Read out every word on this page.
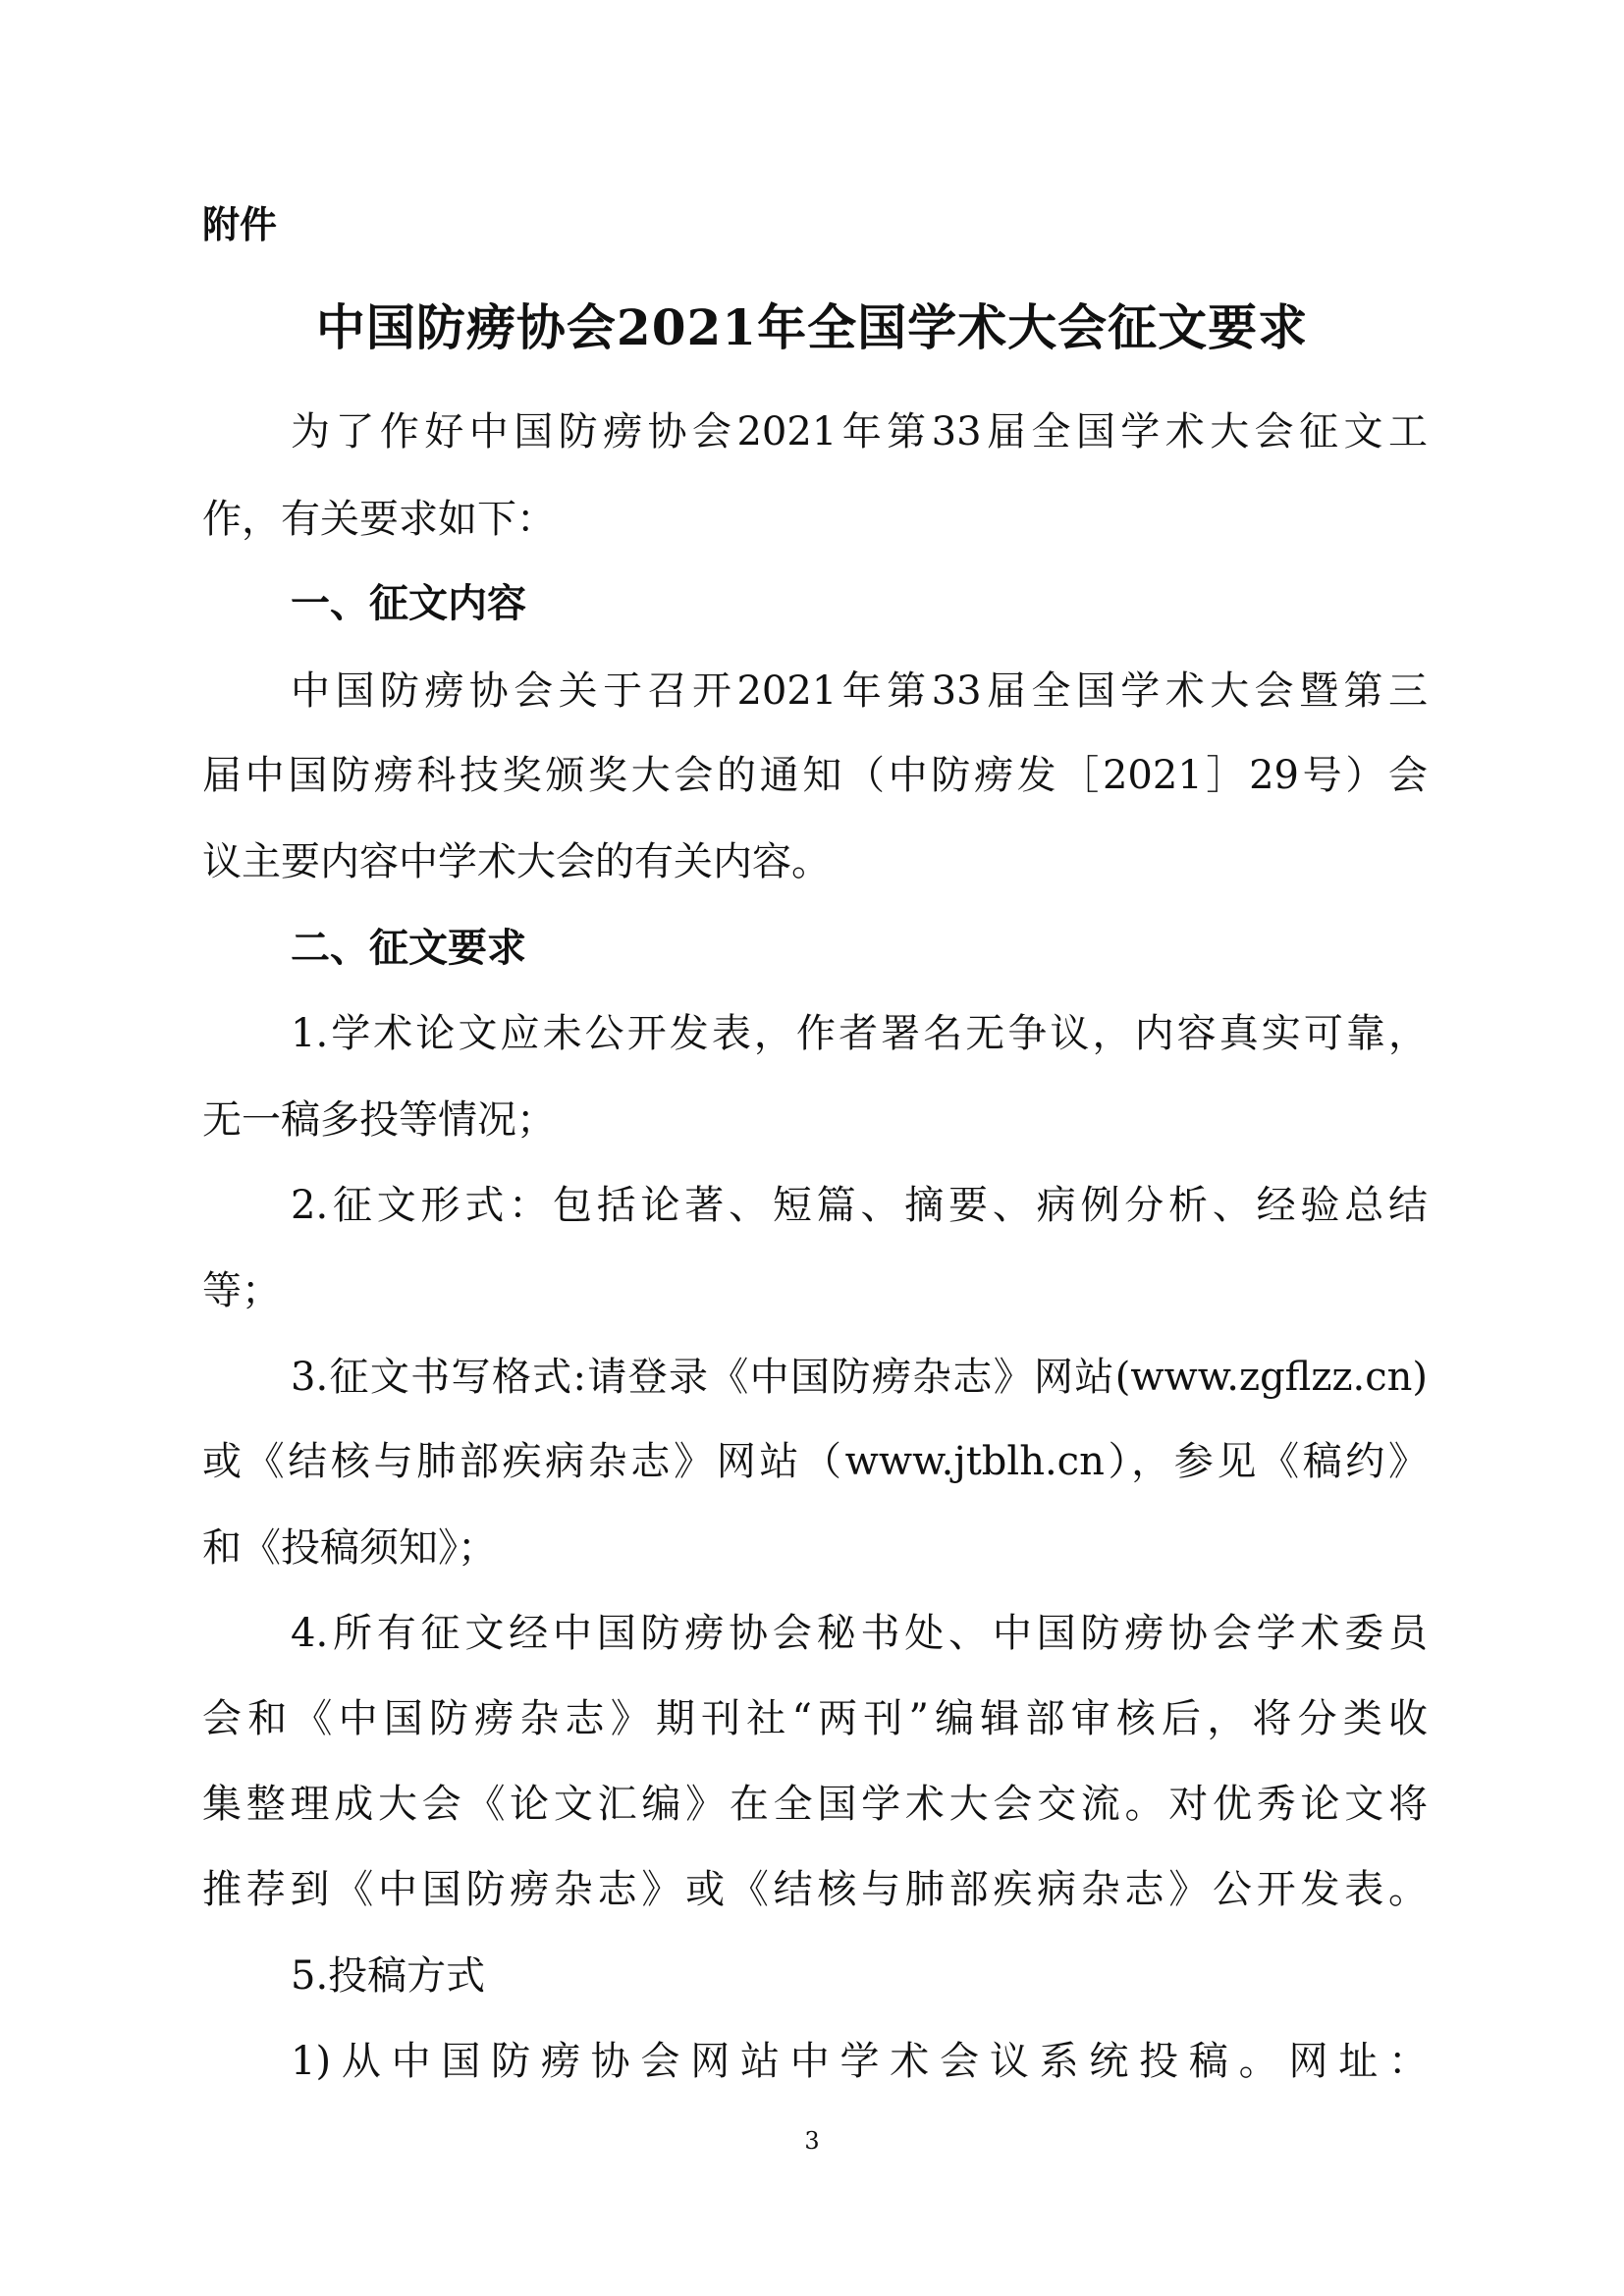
附件
中国防痨协会2021年全国学术大会征文要求
为了作好中国防痨协会2021年第33届全国学术大会征文工
作，有关要求如下：
一、征文内容
中国防痨协会关于召开2021年第33届全国学术大会暨第三
届中国防痨科技奖颁奖大会的通知（中防痨发［2021］29号）会
议主要内容中学术大会的有关内容。
二、征文要求
1.学术论文应未公开发表，作者署名无争议，内容真实可靠，
无一稿多投等情况；
2.征文形式：包括论著、短篇、摘要、病例分析、经验总结
等；
3.征文书写格式:请登录《中国防痨杂志》网站(www.zgflzz.cn)
或《结核与肺部疾病杂志》网站（www.jtblh.cn），参见《稿约》
和《投稿须知》；
4.所有征文经中国防痨协会秘书处、中国防痨协会学术委员
会和《中国防痨杂志》期刊社“两刊”编辑部审核后，将分类收
集整理成大会《论文汇编》在全国学术大会交流。对优秀论文将
推荐到《中国防痨杂志》或《结核与肺部疾病杂志》公开发表。
5.投稿方式
1)从中国防痨协会网站中学术会议系统投稿。网址：
3
